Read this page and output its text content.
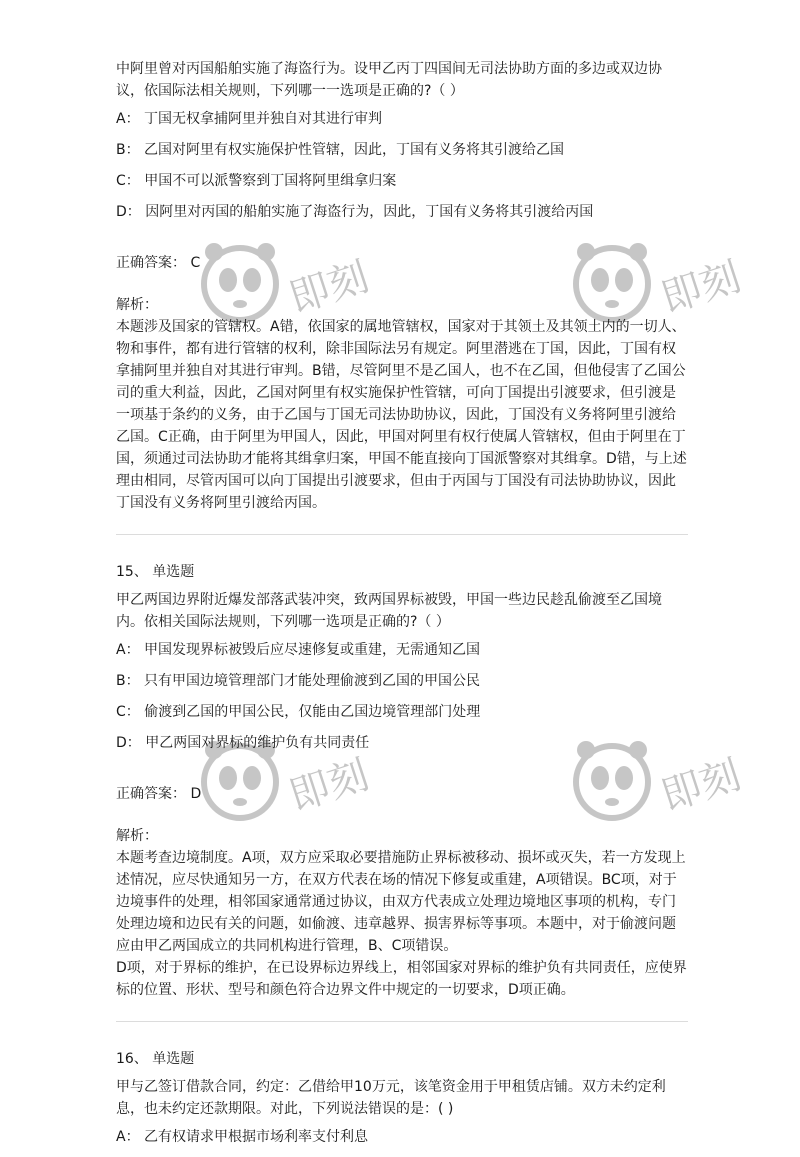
即刻	即刻
即刻	即刻

中阿里曾对丙国船舶实施了海盗行为。设甲乙丙丁四国间无司法协助方面的多边或双边协议，依国际法相关规则，下列哪一一选项是正确的?（ ）

A： 丁国无权拿捕阿里并独自对其进行审判

B： 乙国对阿里有权实施保护性管辖，因此，丁国有义务将其引渡给乙国

C： 甲国不可以派警察到丁国将阿里缉拿归案

D： 因阿里对丙国的船舶实施了海盗行为，因此，丁国有义务将其引渡给丙国

正确答案： C

解析：

本题涉及国家的管辖权。A错，依国家的属地管辖权，国家对于其领土及其领土内的一切人、物和事件，都有进行管辖的权利，除非国际法另有规定。阿里潜逃在丁国，因此，丁国有权拿捕阿里并独自对其进行审判。B错，尽管阿里不是乙国人，也不在乙国，但他侵害了乙国公司的重大利益，因此，乙国对阿里有权实施保护性管辖，可向丁国提出引渡要求，但引渡是一项基于条约的义务，由于乙国与丁国无司法协助协议，因此，丁国没有义务将阿里引渡给乙国。C正确，由于阿里为甲国人，因此，甲国对阿里有权行使属人管辖权，但由于阿里在丁国，须通过司法协助才能将其缉拿归案，甲国不能直接向丁国派警察对其缉拿。D错，与上述理由相同，尽管丙国可以向丁国提出引渡要求，但由于丙国与丁国没有司法协助协议，因此丁国没有义务将阿里引渡给丙国。

15、 单选题

甲乙两国边界附近爆发部落武装冲突，致两国界标被毁，甲国一些边民趁乱偷渡至乙国境内。依相关国际法规则，下列哪一选项是正确的?（ ）

A： 甲国发现界标被毁后应尽速修复或重建，无需通知乙国

B： 只有甲国边境管理部门才能处理偷渡到乙国的甲国公民

C： 偷渡到乙国的甲国公民，仅能由乙国边境管理部门处理

D： 甲乙两国对界标的维护负有共同责任

正确答案： D

解析：

本题考查边境制度。A项，双方应采取必要措施防止界标被移动、损坏或灭失，若一方发现上述情况，应尽快通知另一方，在双方代表在场的情况下修复或重建，A项错误。BC项，对于边境事件的处理，相邻国家通常通过协议，由双方代表成立处理边境地区事项的机构，专门处理边境和边民有关的问题，如偷渡、违章越界、损害界标等事项。本题中，对于偷渡问题应由甲乙两国成立的共同机构进行管理，B、C项错误。

D项，对于界标的维护，在已设界标边界线上，相邻国家对界标的维护负有共同责任，应使界标的位置、形状、型号和颜色符合边界文件中规定的一切要求，D项正确。

16、 单选题

甲与乙签订借款合同，约定：乙借给甲10万元，该笔资金用于甲租赁店铺。双方未约定利息，也未约定还款期限。对此，下列说法错误的是：( )

A： 乙有权请求甲根据市场利率支付利息
